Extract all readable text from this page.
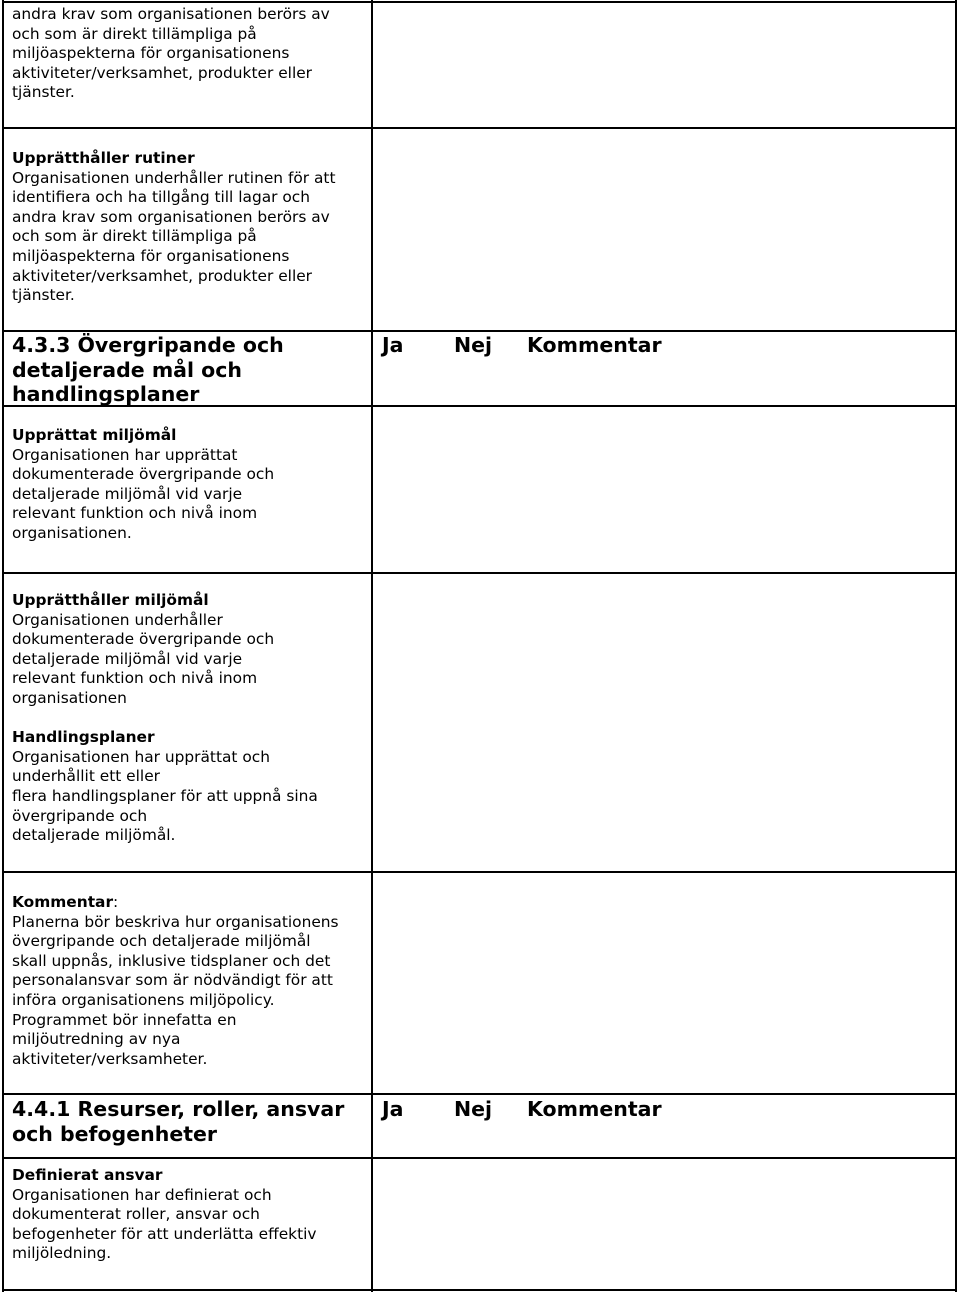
andra krav som organisationen berörs av
och som är direkt tillämpliga på
miljöaspekterna för organisationens
aktiviteter/verksamhet, produkter eller
tjänster.

Upprätthåller rutiner

Organisationen underhåller rutinen för att
identifiera och ha tillgång till lagar och
andra krav som organisationen berörs av
och som är direkt tillämpliga på
miljöaspekterna för organisationens
aktiviteter/verksamhet, produkter eller
tjänster.

4.3.3 Övergripande och
detaljerade mål och
handlingsplaner
Ja Nej Kommentar

Upprättat miljömål

Organisationen har upprättat
dokumenterade övergripande och
detaljerade miljömål vid varje
relevant funktion och nivå inom
organisationen.

Upprätthåller miljömål

Organisationen underhåller
dokumenterade övergripande och
detaljerade miljömål vid varje
relevant funktion och nivå inom
organisationen

Handlingsplaner

Organisationen har upprättat och
underhållit ett eller
flera handlingsplaner för att uppnå sina
övergripande och
detaljerade miljömål.

Kommentar:

Planerna bör beskriva hur organisationens
övergripande och detaljerade miljömål
skall uppnås, inklusive tidsplaner och det
personalansvar som är nödvändigt för att
införa organisationens miljöpolicy.
Programmet bör innefatta en
miljöutredning av nya
aktiviteter/verksamheter.

4.4.1 Resurser, roller, ansvar
och befogenheter
Ja Nej Kommentar

Definierat ansvar

Organisationen har definierat och
dokumenterat roller, ansvar och
befogenheter för att underlätta effektiv
miljöledning.
